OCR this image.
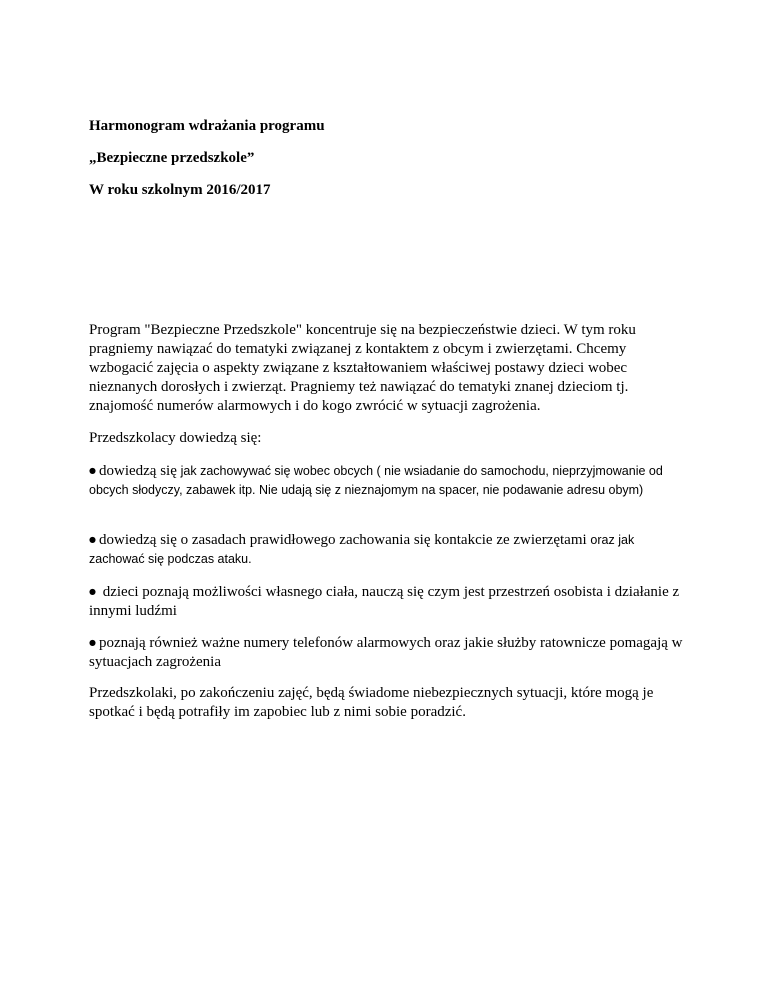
Harmonogram wdrażania programu
„Bezpieczne przedszkole”
W roku szkolnym 2016/2017

Program "Bezpieczne Przedszkole" koncentruje się na bezpieczeństwie dzieci. W tym roku pragniemy nawiązać do tematyki związanej z kontaktem z obcym i zwierzętami. Chcemy wzbogacić zajęcia o aspekty związane z kształtowaniem właściwej postawy dzieci wobec nieznanych dorosłych i zwierząt. Pragniemy też nawiązać do tematyki znanej dzieciom tj. znajomość numerów alarmowych i do kogo zwrócić w sytuacji zagrożenia.

Przedszkolacy dowiedzą się:

● dowiedzą się jak zachowywać się wobec obcych ( nie wsiadanie do samochodu, nieprzyjmowanie od obcych słodyczy, zabawek itp. Nie udają się z nieznajomym na spacer, nie podawanie adresu obym)

● dowiedzą się o zasadach prawidłowego zachowania się kontakcie ze zwierzętami oraz jak zachować się podczas ataku.

● dzieci poznają możliwości własnego ciała, nauczą się czym jest przestrzeń osobista i działanie z innymi ludźmi

● poznają również ważne numery telefonów alarmowych oraz jakie służby ratownicze pomagają w sytuacjach zagrożenia

Przedszkolaki, po zakończeniu zajęć, będą świadome niebezpiecznych sytuacji, które mogą je spotkać i będą potrafiły im zapobiec lub z nimi sobie poradzić.
